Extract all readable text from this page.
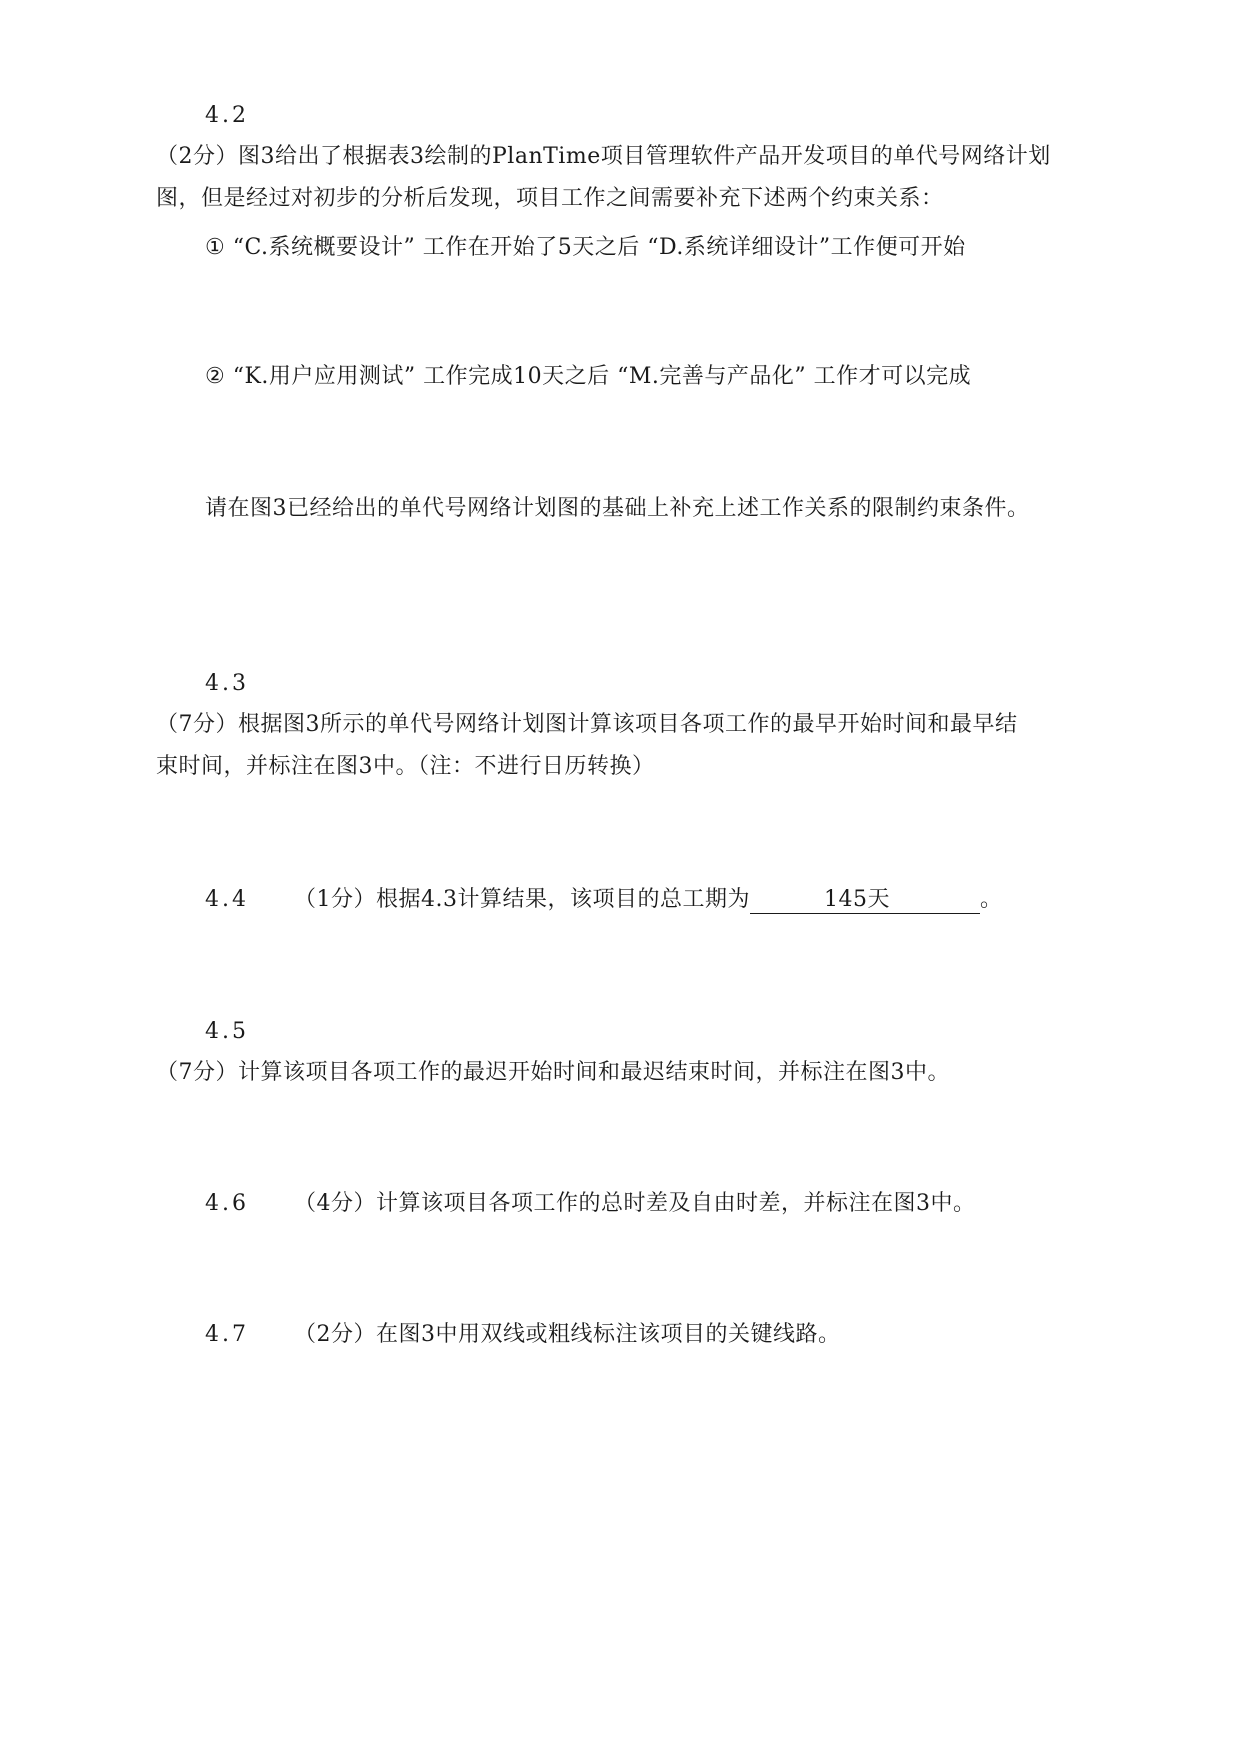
4.2
（2分）图3给出了根据表3绘制的PlanTime项目管理软件产品开发项目的单代号网络计划
图，但是经过对初步的分析后发现，项目工作之间需要补充下述两个约束关系：
① “C.系统概要设计” 工作在开始了5天之后 “D.系统详细设计”工作便可开始
② “K.用户应用测试” 工作完成10天之后 “M.完善与产品化” 工作才可以完成
请在图3已经给出的单代号网络计划图的基础上补充上述工作关系的限制约束条件。
4.3
（7分）根据图3所示的单代号网络计划图计算该项目各项工作的最早开始时间和最早结
束时间，并标注在图3中。（注：不进行日历转换）
4.4 （1分）根据4.3计算结果，该项目的总工期为	145天	。
4.5
（7分）计算该项目各项工作的最迟开始时间和最迟结束时间，并标注在图3中。
4.6 （4分）计算该项目各项工作的总时差及自由时差，并标注在图3中。
4.7 （2分）在图3中用双线或粗线标注该项目的关键线路。
